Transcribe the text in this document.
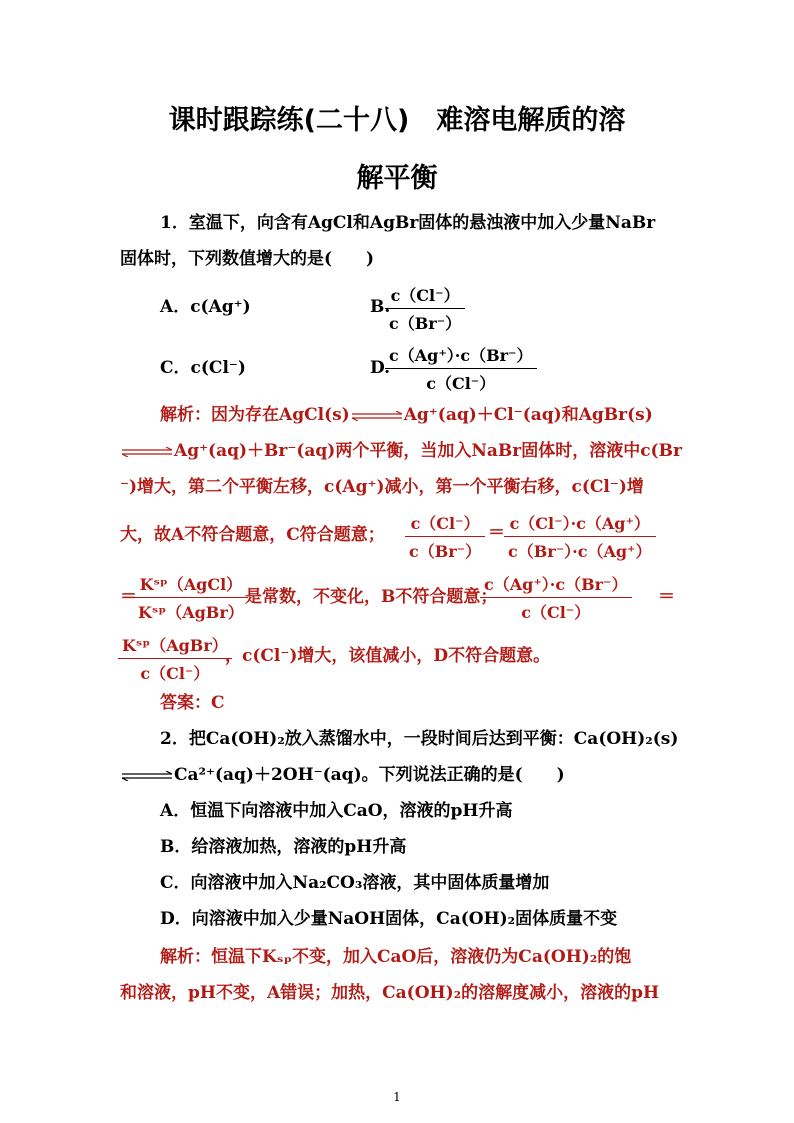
课时跟踪练(二十八)　难溶电解质的溶
解平衡
1．室温下，向含有AgCl和AgBr固体的悬浊液中加入少量NaBr
固体时，下列数值增大的是(　　)
A．c(Ag⁺)	B.
$\frac{c(Cl^-)}{c(Br^-)}$
C．c(Cl⁻)	D.
$\frac{c(Ag^+)\cdot c(Br^-)}{c(Cl^-)}$
解析：因为存在AgCl(s)⇌Ag⁺(aq)＋Cl⁻(aq)和AgBr(s)
⇌Ag⁺(aq)＋Br⁻(aq)两个平衡，当加入NaBr固体时，溶液中c(Br
⁻)增大，第二个平衡左移，c(Ag⁺)减小，第一个平衡右移，c(Cl⁻)增
大，故A不符合题意，C符合题意； $\frac{c(Cl^-)}{c(Br^-)} = \frac{c(Cl^-)\cdot c(Ag^+)}{c(Br^-)\cdot c(Ag^+)}$
＝
Kˢᵖ（AgCl）
Kˢᵖ（AgBr）
是常数，不变化，B不符合题意；
$\frac{c(Ag^+)\cdot c(Br^-)}{c(Cl^-)}$ ＝
Kˢᵖ（AgBr）
c（Cl⁻）
，c(Cl⁻)增大，该值减小，D不符合题意。
答案：C
2．把Ca(OH)₂放入蒸馏水中，一段时间后达到平衡：Ca(OH)₂(s)
⇌Ca²⁺(aq)＋2OH⁻(aq)。下列说法正确的是(　　)
A．恒温下向溶液中加入CaO，溶液的pH升高
B．给溶液加热，溶液的pH升高
C．向溶液中加入Na₂CO₃溶液，其中固体质量增加
D．向溶液中加入少量NaOH固体，Ca(OH)₂固体质量不变
解析：恒温下Kₛₚ不变，加入CaO后，溶液仍为Ca(OH)₂的饱
和溶液，pH不变，A错误；加热，Ca(OH)₂的溶解度减小，溶液的pH
1
